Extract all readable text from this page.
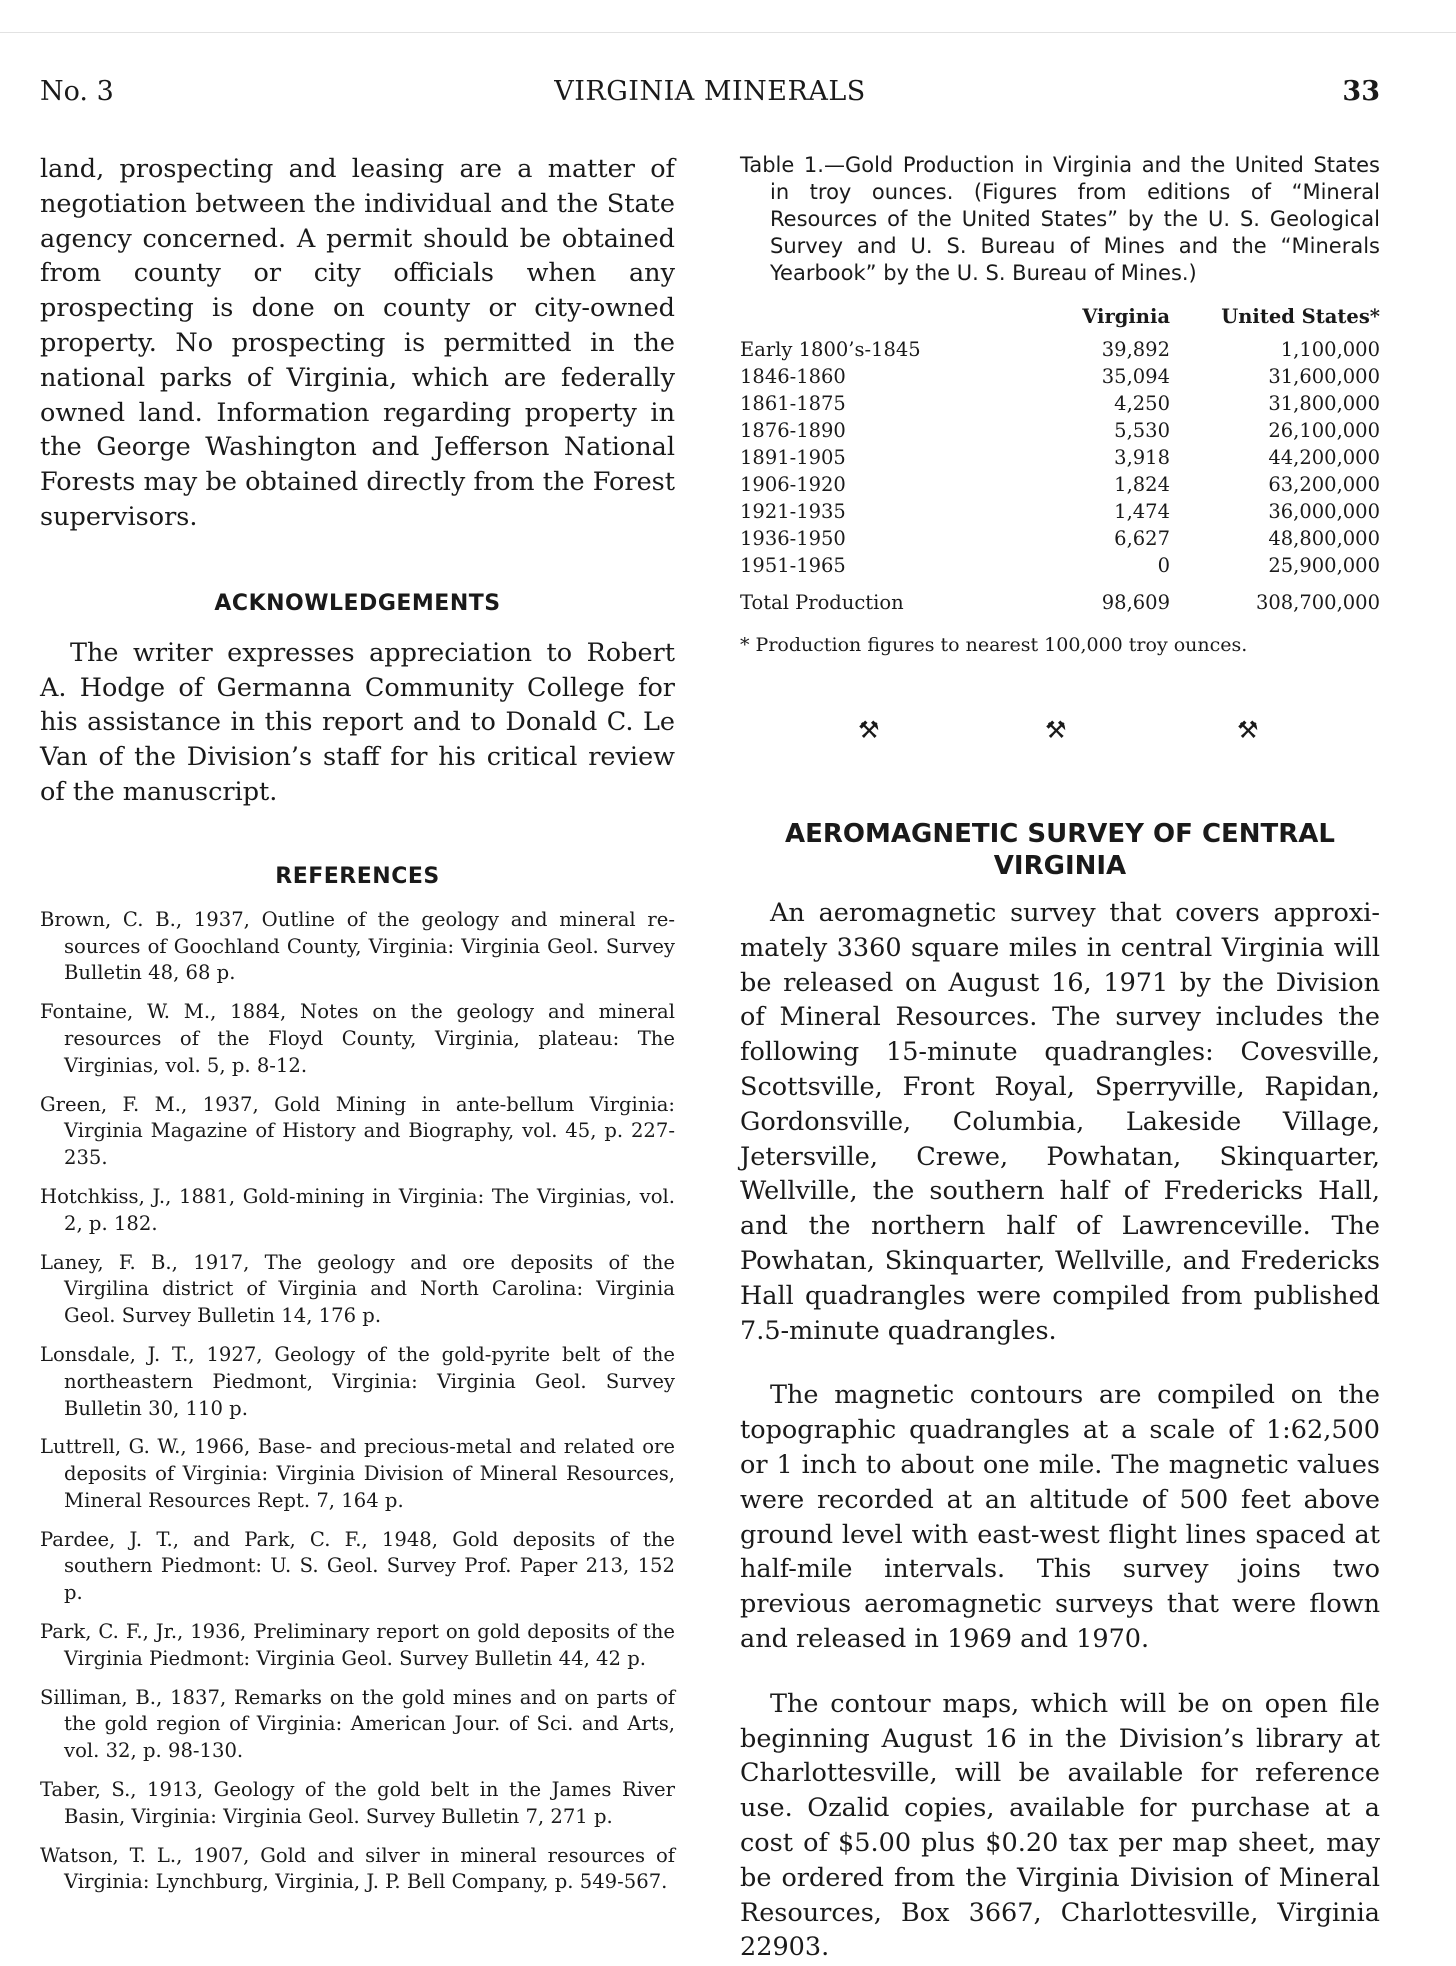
No. 3	VIRGINIA MINERALS	33

land, prospecting and leasing are a matter of negotiation between the individual and the State agency concerned. A permit should be obtained from county or city officials when any prospecting is done on county or city-owned property. No prospecting is permitted in the national parks of Virginia, which are federally owned land. Information regarding property in the George Washington and Jefferson National Forests may be obtained directly from the Forest supervisors.

ACKNOWLEDGEMENTS

The writer expresses appreciation to Robert A. Hodge of Germanna Community College for his assistance in this report and to Donald C. Le Van of the Division’s staff for his critical review of the manuscript.

REFERENCES

Brown, C. B., 1937, Outline of the geology and mineral resources of Goochland County, Virginia: Virginia Geol. Survey Bulletin 48, 68 p.

Fontaine, W. M., 1884, Notes on the geology and mineral resources of the Floyd County, Virginia, plateau: The Virginias, vol. 5, p. 8-12.

Green, F. M., 1937, Gold Mining in ante-bellum Virginia: Virginia Magazine of History and Biography, vol. 45, p. 227-235.

Hotchkiss, J., 1881, Gold-mining in Virginia: The Virginias, vol. 2, p. 182.

Laney, F. B., 1917, The geology and ore deposits of the Virgilina district of Virginia and North Carolina: Virginia Geol. Survey Bulletin 14, 176 p.

Lonsdale, J. T., 1927, Geology of the gold-pyrite belt of the northeastern Piedmont, Virginia: Virginia Geol. Survey Bulletin 30, 110 p.

Luttrell, G. W., 1966, Base- and precious-metal and related ore deposits of Virginia: Virginia Division of Mineral Resources, Mineral Resources Rept. 7, 164 p.

Pardee, J. T., and Park, C. F., 1948, Gold deposits of the southern Piedmont: U. S. Geol. Survey Prof. Paper 213, 152 p.

Park, C. F., Jr., 1936, Preliminary report on gold deposits of the Virginia Piedmont: Virginia Geol. Survey Bulletin 44, 42 p.

Silliman, B., 1837, Remarks on the gold mines and on parts of the gold region of Virginia: American Jour. of Sci. and Arts, vol. 32, p. 98-130.

Taber, S., 1913, Geology of the gold belt in the James River Basin, Virginia: Virginia Geol. Survey Bulletin 7, 271 p.

Watson, T. L., 1907, Gold and silver in mineral resources of Virginia: Lynchburg, Virginia, J. P. Bell Company, p. 549-567.

Table 1.—Gold Production in Virginia and the United States in troy ounces. (Figures from editions of “Mineral Resources of the United States” by the U. S. Geological Survey and U. S. Bureau of Mines and the “Minerals Yearbook” by the U. S. Bureau of Mines.)

	Virginia	United States*
Early 1800’s-1845	39,892	1,100,000
1846-1860	35,094	31,600,000
1861-1875	4,250	31,800,000
1876-1890	5,530	26,100,000
1891-1905	3,918	44,200,000
1906-1920	1,824	63,200,000
1921-1935	1,474	36,000,000
1936-1950	6,627	48,800,000
1951-1965	0	25,900,000
Total Production	98,609	308,700,000

* Production figures to nearest 100,000 troy ounces.

⚒	⚒	⚒
AEROMAGNETIC SURVEY OF CENTRAL VIRGINIA

An aeromagnetic survey that covers approximately 3360 square miles in central Virginia will be released on August 16, 1971 by the Division of Mineral Resources. The survey includes the following 15-minute quadrangles: Covesville, Scottsville, Front Royal, Sperryville, Rapidan, Gordonsville, Columbia, Lakeside Village, Jetersville, Crewe, Powhatan, Skinquarter, Wellville, the southern half of Fredericks Hall, and the northern half of Lawrenceville. The Powhatan, Skinquarter, Wellville, and Fredericks Hall quadrangles were compiled from published 7.5-minute quadrangles.

The magnetic contours are compiled on the topographic quadrangles at a scale of 1:62,500 or 1 inch to about one mile. The magnetic values were recorded at an altitude of 500 feet above ground level with east-west flight lines spaced at half-mile intervals. This survey joins two previous aeromagnetic surveys that were flown and released in 1969 and 1970.

The contour maps, which will be on open file beginning August 16 in the Division’s library at Charlottesville, will be available for reference use. Ozalid copies, available for purchase at a cost of $5.00 plus $0.20 tax per map sheet, may be ordered from the Virginia Division of Mineral Resources, Box 3667, Charlottesville, Virginia 22903.
